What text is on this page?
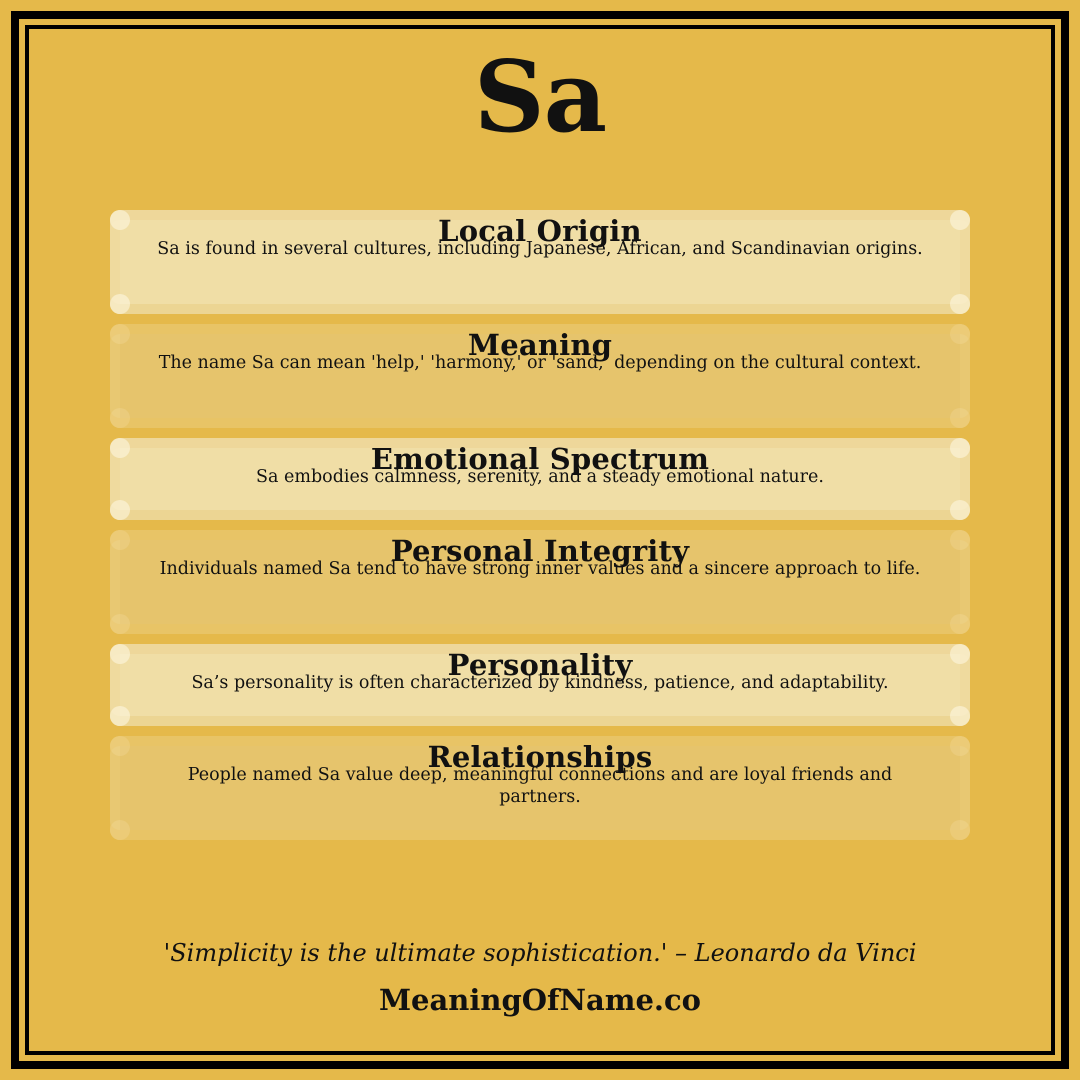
Sa
Local Origin
Sa is found in several cultures, including Japanese, African, and Scandinavian origins.
Meaning
The name Sa can mean 'help,' 'harmony,' or 'sand,' depending on the cultural context.
Emotional Spectrum
Sa embodies calmness, serenity, and a steady emotional nature.
Personal Integrity
Individuals named Sa tend to have strong inner values and a sincere approach to life.
Personality
Sa’s personality is often characterized by kindness, patience, and adaptability.
Relationships
People named Sa value deep, meaningful connections and are loyal friends and partners.
'Simplicity is the ultimate sophistication.' – Leonardo da Vinci
MeaningOfName.co
